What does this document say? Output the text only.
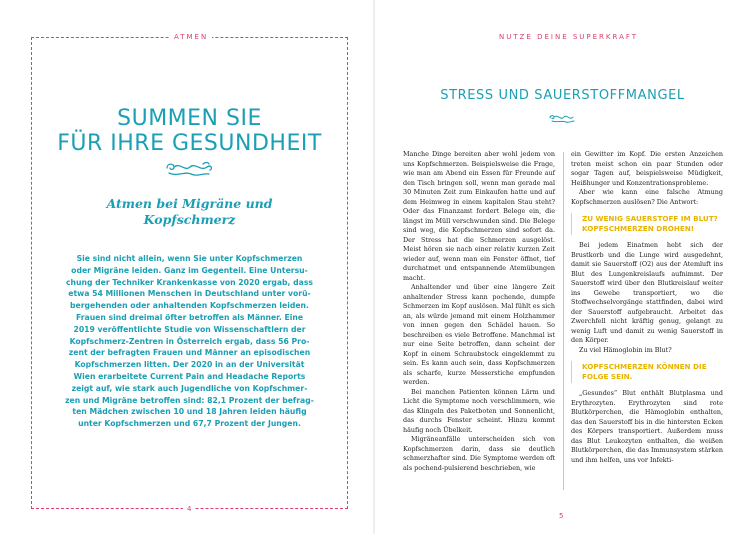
ATMEN
SUMMEN SIE
FÜR IHRE GESUNDHEIT
Atmen bei Migräne und
Kopfschmerz

Sie sind nicht allein, wenn Sie unter Kopfschmerzen
oder Migräne leiden. Ganz im Gegenteil. Eine Untersu-
chung der Techniker Krankenkasse von 2020 ergab, dass
etwa 54 Millionen Menschen in Deutschland unter vorü-
bergehenden oder anhaltenden Kopfschmerzen leiden.
Frauen sind dreimal öfter betroffen als Männer. Eine
2019 veröffentlichte Studie von Wissenschaftlern der
Kopfschmerz-Zentren in Österreich ergab, dass 56 Pro-
zent der befragten Frauen und Männer an episodischen
Kopfschmerzen litten. Der 2020 in an der Universität
Wien erarbeitete Current Pain and Headache Reports
zeigt auf, wie stark auch Jugendliche von Kopfschmer-
zen und Migräne betroffen sind: 82,1 Prozent der befrag-
ten Mädchen zwischen 10 und 18 Jahren leiden häufig
unter Kopfschmerzen und 67,7 Prozent der Jungen.

4
NUTZE DEINE SUPERKRAFT
5
STRESS UND SAUERSTOFFMANGEL

Manche Dinge bereiten aber wohl jedem von uns Kopfschmerzen. Beispielsweise die Frage, wie man am Abend ein Essen für Freunde auf den Tisch bringen soll, wenn man gerade mal 30 Minuten Zeit zum Einkaufen hatte und auf dem Heimweg in einem kapitalen Stau steht? Oder das Finanzamt fordert Belege ein, die längst im Müll verschwunden sind. Die Belege sind weg, die Kopfschmerzen sind sofort da. Der Stress hat die Schmerzen ausgelöst. Meist hören sie nach einer relativ kurzen Zeit wieder auf, wenn man ein Fenster öffnet, tief durchatmet und entspannende Atemübungen macht.

Anhaltender und über eine längere Zeit anhaltender Stress kann pochende, dumpfe Schmerzen im Kopf auslösen. Mal fühlt es sich an, als würde jemand mit einem Holzhammer von innen gegen den Schädel hauen. So beschreiben es viele Betroffene. Manchmal ist nur eine Seite betroffen, dann scheint der Kopf in einem Schraubstock eingeklemmt zu sein. Es kann auch sein, dass Kopfschmerzen als scharfe, kurze Messerstiche empfunden werden.

Bei manchen Patienten können Lärm und Licht die Symptome noch verschlimmern, wie das Klingeln des Paketboten und Sonnenlicht, das durchs Fenster scheint. Hinzu kommt häufig noch Übelkeit.

Migräneanfälle unterscheiden sich von Kopfschmerzen darin, dass sie deutlich schmerzhafter sind. Die Symptome werden oft als pochend-pulsierend beschrieben, wie

ein Gewitter im Kopf. Die ersten Anzeichen treten meist schon ein paar Stunden oder sogar Tagen auf, beispielsweise Müdigkeit, Heißhunger und Konzentrationsprobleme.

Aber wie kann eine falsche Atmung Kopfschmerzen auslösen? Die Antwort:

ZU WENIG SAUERSTOFF IM BLUT? KOPFSCHMERZEN DROHEN!

Bei jedem Einatmen hebt sich der Brustkorb und die Lunge wird ausgedehnt, damit sie Sauerstoff (O2) aus der Atemluft ins Blut des Lungenkreislaufs aufnimmt. Der Sauerstoff wird über den Blutkreislauf weiter ins Gewebe transportiert, wo die Stoffwechselvorgänge stattfinden, dabei wird der Sauerstoff aufgebraucht. Arbeitet das Zwerchfell nicht kräftig genug, gelangt zu wenig Luft und damit zu wenig Sauerstoff in den Körper.

Zu viel Hämoglobin im Blut?

KOPFSCHMERZEN KÖNNEN DIE FOLGE SEIN.

„Gesundes“ Blut enthält Blutplasma und Erythrozyten. Erythrozyten sind rote Blutkörperchen, die Hämoglobin enthalten, das den Sauerstoff bis in die hintersten Ecken des Körpers transportiert. Außerdem muss das Blut Leukozyten enthalten, die weißen Blutkörperchen, die das Immunsystem stärken und ihm helfen, uns vor Infekti-
